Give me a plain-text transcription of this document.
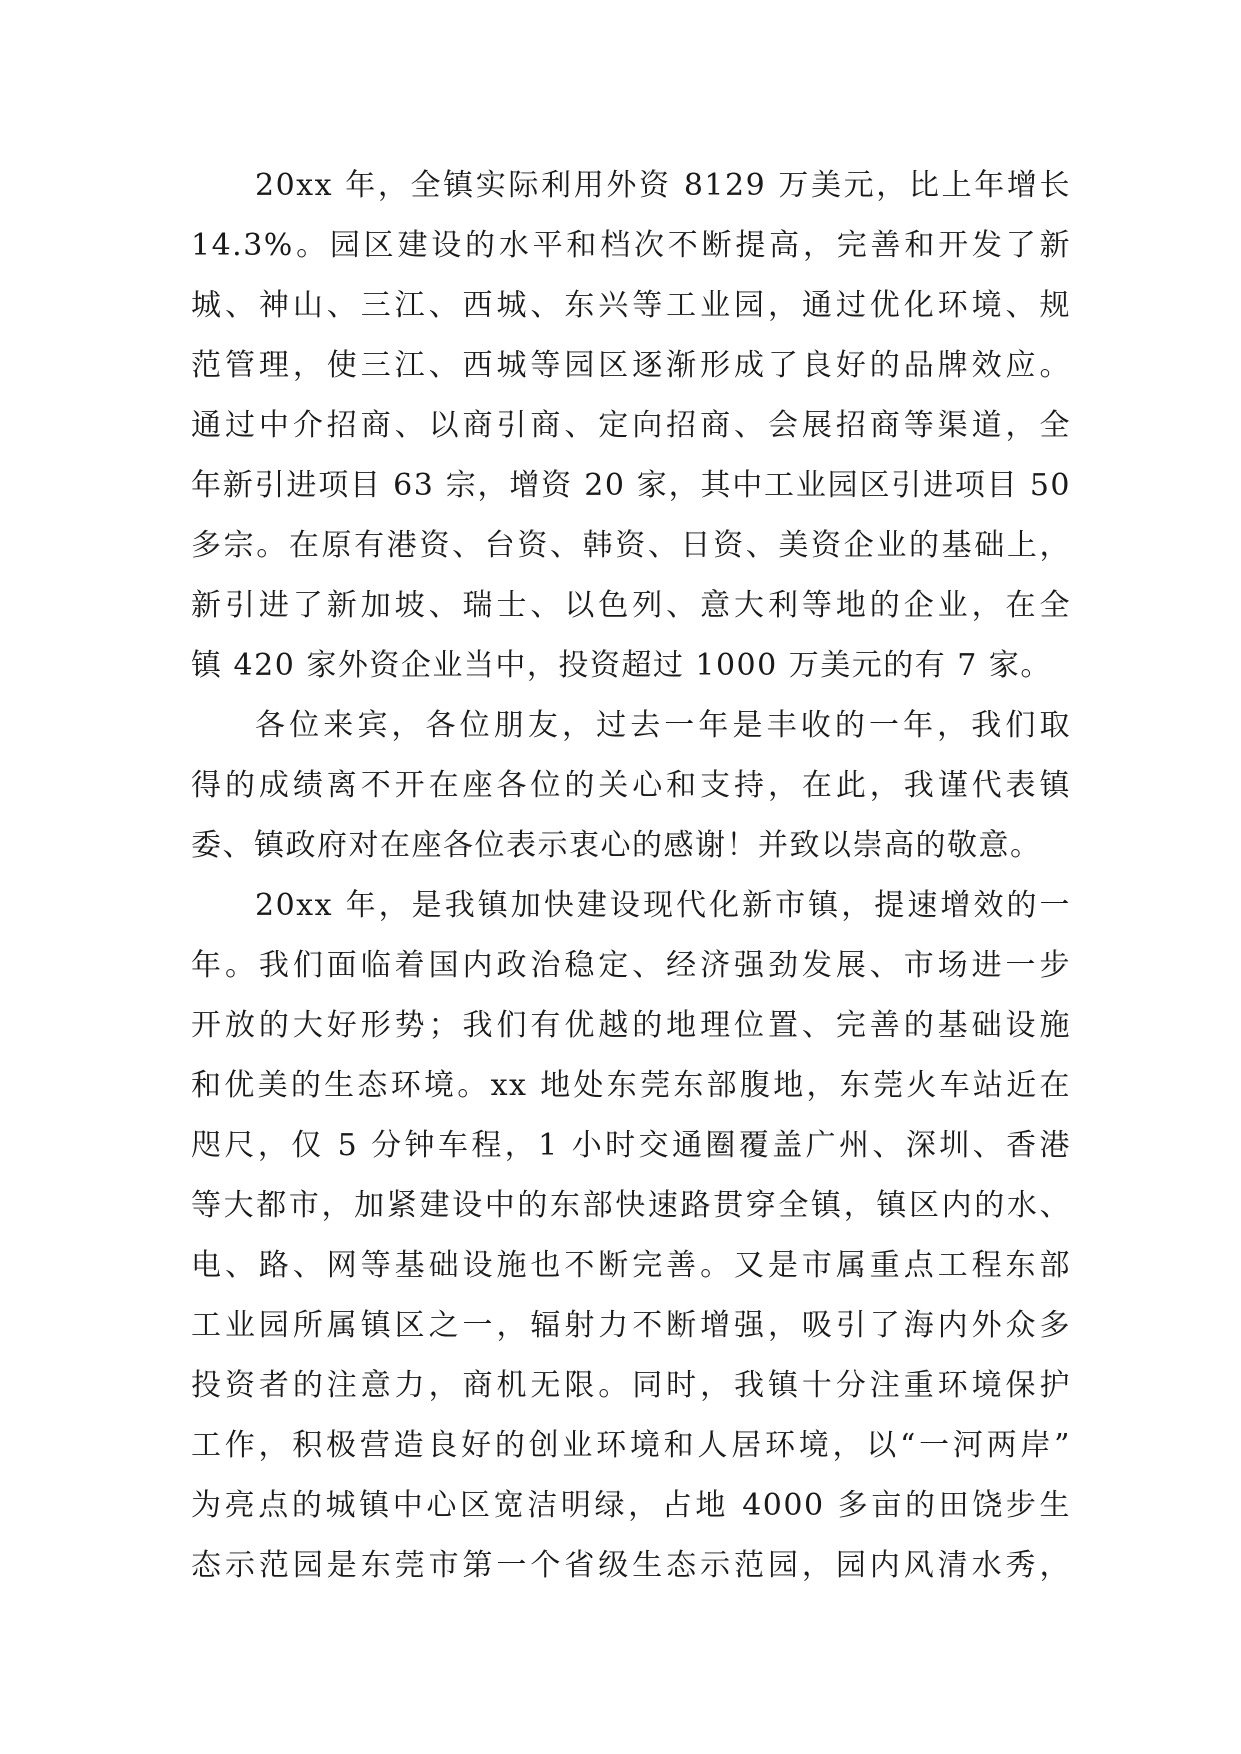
20xx 年，全镇实际利用外资 8129 万美元，比上年增长
14.3%。园区建设的水平和档次不断提高，完善和开发了新
城、神山、三江、西城、东兴等工业园，通过优化环境、规
范管理，使三江、西城等园区逐渐形成了良好的品牌效应。
通过中介招商、以商引商、定向招商、会展招商等渠道，全
年新引进项目 63 宗，增资 20 家，其中工业园区引进项目 50
多宗。在原有港资、台资、韩资、日资、美资企业的基础上，
新引进了新加坡、瑞士、以色列、意大利等地的企业，在全
镇 420 家外资企业当中，投资超过 1000 万美元的有 7 家。
各位来宾，各位朋友，过去一年是丰收的一年，我们取
得的成绩离不开在座各位的关心和支持，在此，我谨代表镇
委、镇政府对在座各位表示衷心的感谢！并致以崇高的敬意。
20xx 年，是我镇加快建设现代化新市镇，提速增效的一
年。我们面临着国内政治稳定、经济强劲发展、市场进一步
开放的大好形势；我们有优越的地理位置、完善的基础设施
和优美的生态环境。xx 地处东莞东部腹地，东莞火车站近在
咫尺，仅 5 分钟车程，1 小时交通圈覆盖广州、深圳、香港
等大都市，加紧建设中的东部快速路贯穿全镇，镇区内的水、
电、路、网等基础设施也不断完善。又是市属重点工程东部
工业园所属镇区之一，辐射力不断增强，吸引了海内外众多
投资者的注意力，商机无限。同时，我镇十分注重环境保护
工作，积极营造良好的创业环境和人居环境，以“一河两岸”
为亮点的城镇中心区宽洁明绿，占地 4000 多亩的田饶步生
态示范园是东莞市第一个省级生态示范园，园内风清水秀，
